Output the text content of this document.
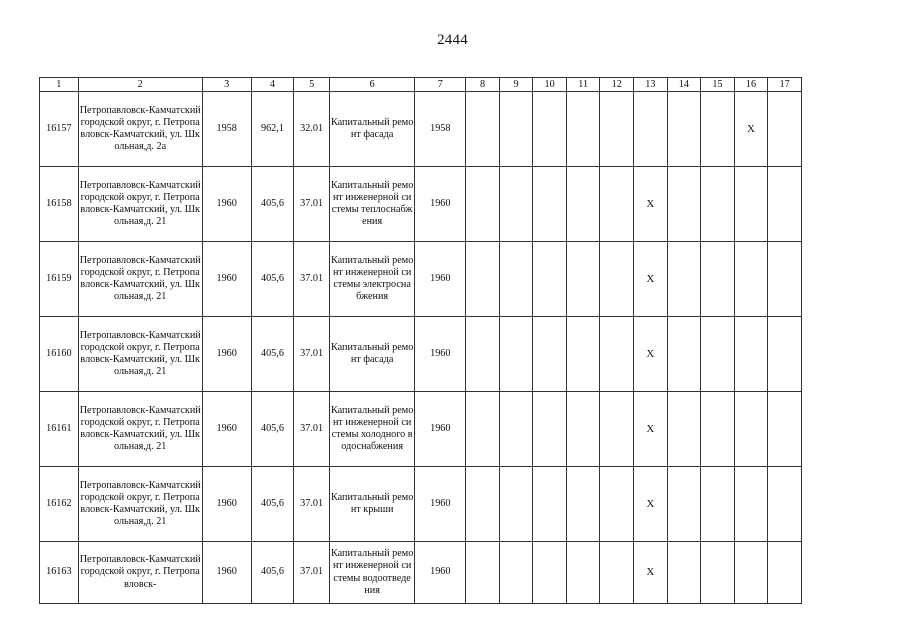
2444
1	2	3	4	5	6	7	8	9	10	11	12	13	14	15	16	17
16157	Петропавловск-Камчатский городской округ, г. Петропавловск-Камчатский, ул. Школьная,д. 2а	1958	962,1	32.01	Капитальный ремонт фасада	1958									X	
16158	Петропавловск-Камчатский городской округ, г. Петропавловск-Камчатский, ул. Школьная,д. 21	1960	405,6	37.01	Капитальный ремонт инженерной системы теплоснабжения	1960						X				
16159	Петропавловск-Камчатский городской округ, г. Петропавловск-Камчатский, ул. Школьная,д. 21	1960	405,6	37.01	Капитальный ремонт инженерной системы электроснабжения	1960						X				
16160	Петропавловск-Камчатский городской округ, г. Петропавловск-Камчатский, ул. Школьная,д. 21	1960	405,6	37.01	Капитальный ремонт фасада	1960						X				
16161	Петропавловск-Камчатский городской округ, г. Петропавловск-Камчатский, ул. Школьная,д. 21	1960	405,6	37.01	Капитальный ремонт инженерной системы холодного водоснабжения	1960						X				
16162	Петропавловск-Камчатский городской округ, г. Петропавловск-Камчатский, ул. Школьная,д. 21	1960	405,6	37.01	Капитальный ремонт крыши	1960						X				
16163	Петропавловск-Камчатский городской округ, г. Петропавловск-	1960	405,6	37.01	Капитальный ремонт инженерной системы водоотведения	1960						X				
